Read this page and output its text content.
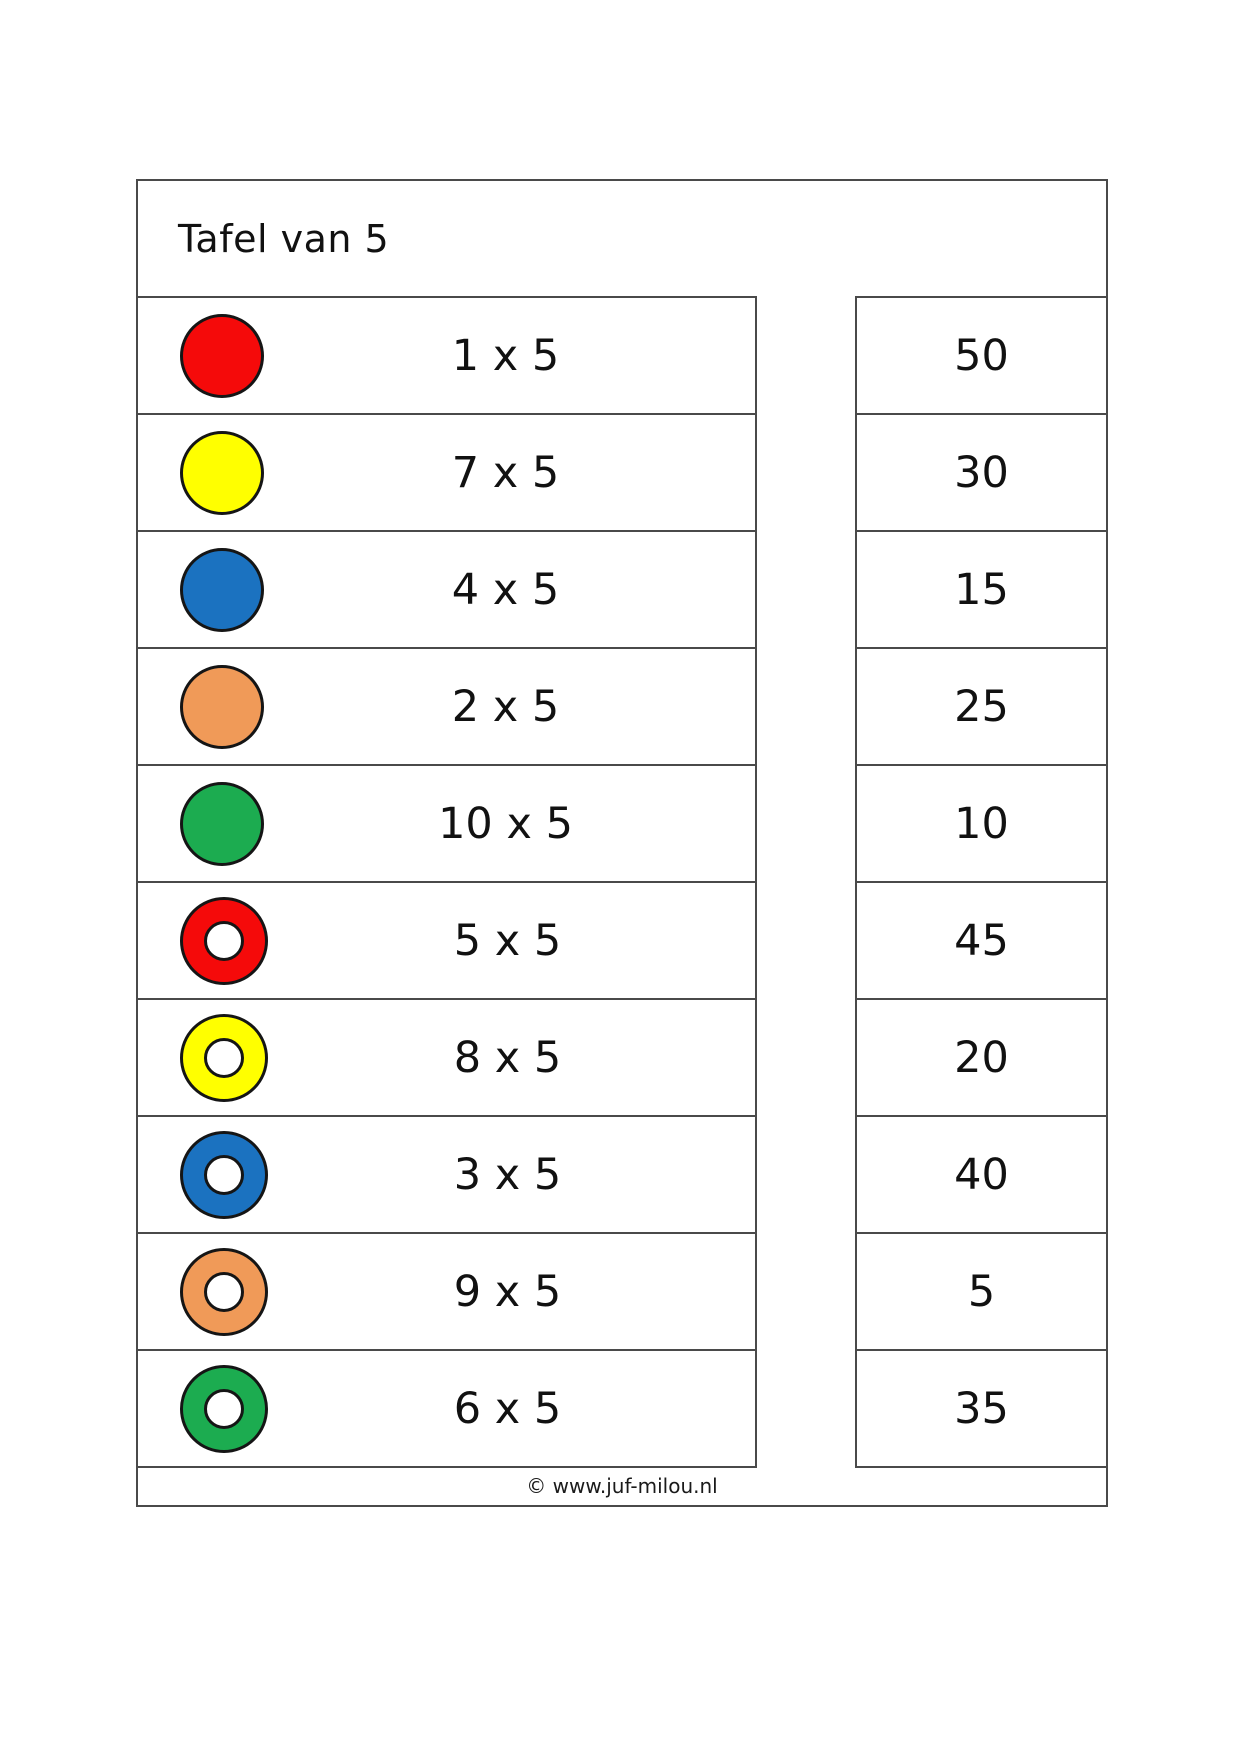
Tafel van 5
1 x 5
7 x 5
4 x 5
2 x 5
10 x 5
5 x 5
8 x 5
3 x 5
9 x 5
6 x 5
50
30
15
25
10
45
20
40
5
35
© www.juf-milou.nl
